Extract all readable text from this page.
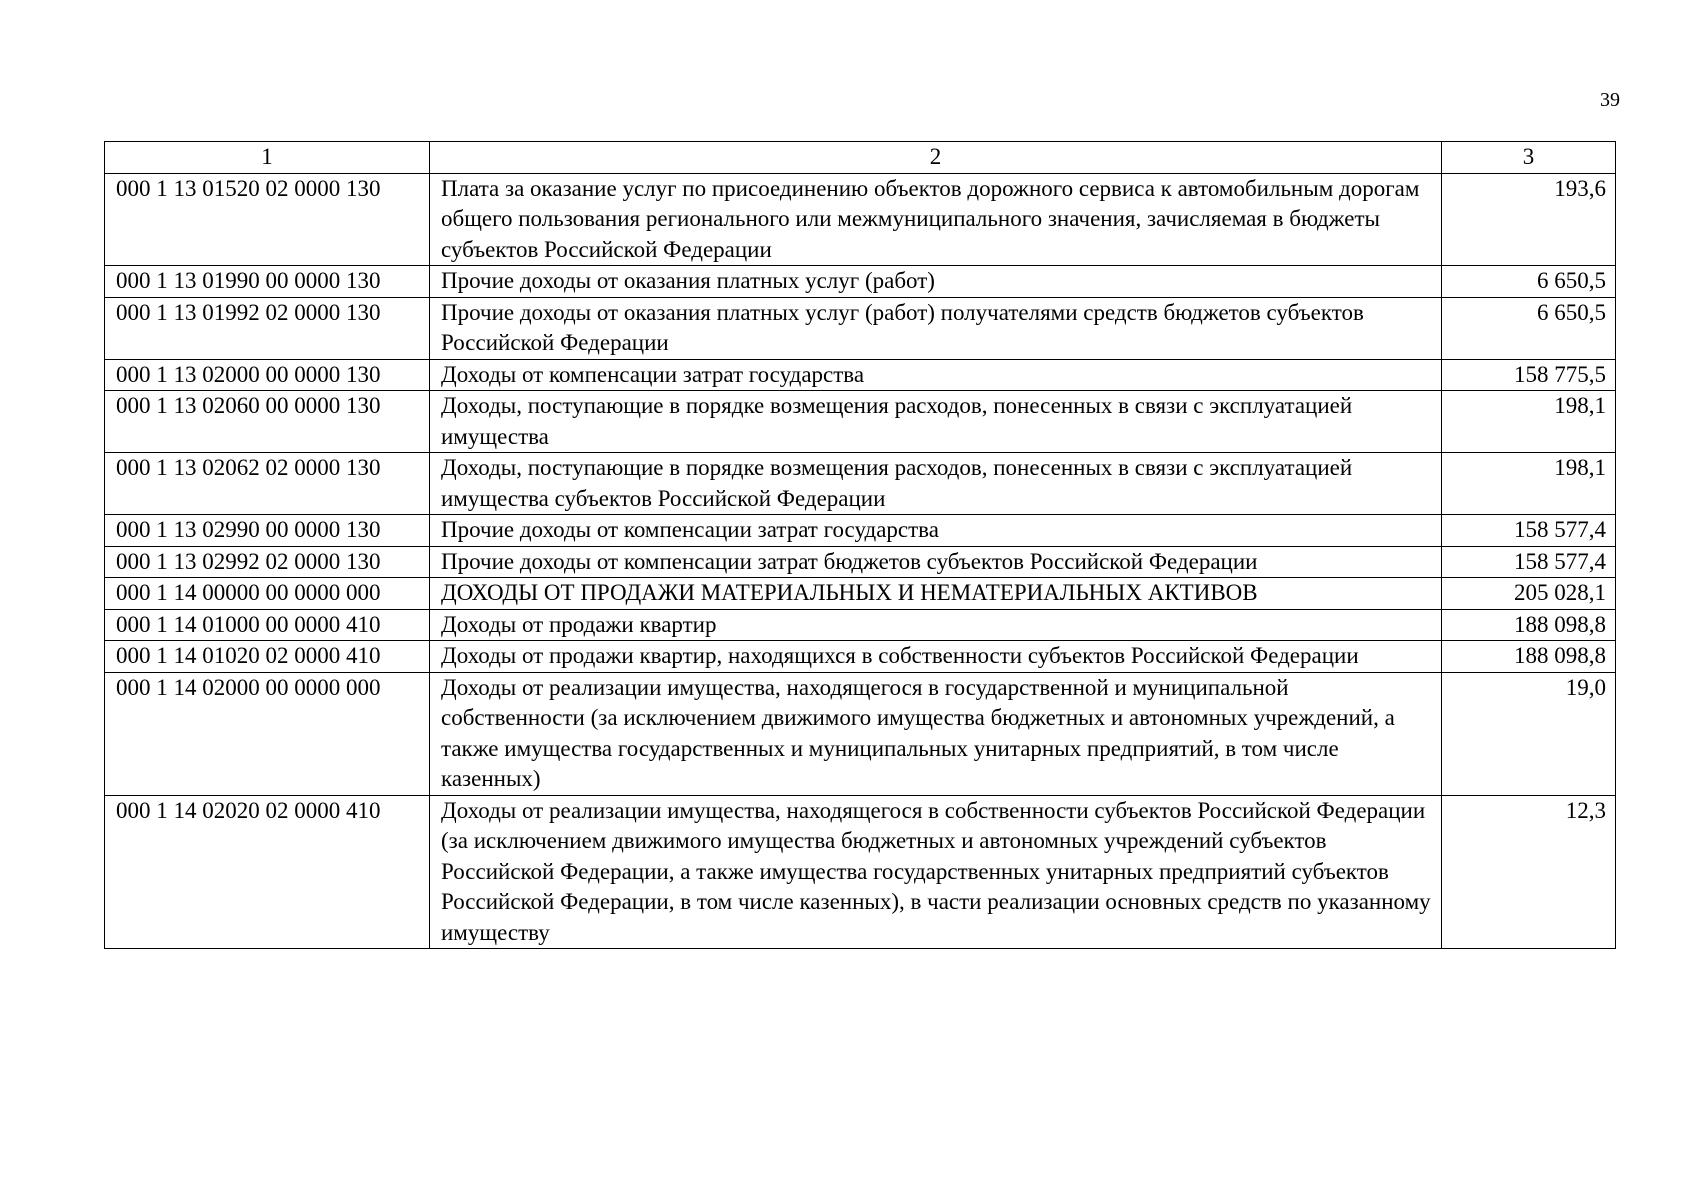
39
1	2	3
000 1 13 01520 02 0000 130	Плата за оказание услуг по присоединению объектов дорожного сервиса к автомобильным дорогам общего пользования регионального или межмуниципального значения, зачисляемая в бюджеты субъектов Российской Федерации	193,6
000 1 13 01990 00 0000 130	Прочие доходы от оказания платных услуг (работ)	6 650,5
000 1 13 01992 02 0000 130	Прочие доходы от оказания платных услуг (работ) получателями средств бюджетов субъектов Российской Федерации	6 650,5
000 1 13 02000 00 0000 130	Доходы от компенсации затрат государства	158 775,5
000 1 13 02060 00 0000 130	Доходы, поступающие в порядке возмещения расходов, понесенных в связи с эксплуатацией имущества	198,1
000 1 13 02062 02 0000 130	Доходы, поступающие в порядке возмещения расходов, понесенных в связи с эксплуатацией имущества субъектов Российской Федерации	198,1
000 1 13 02990 00 0000 130	Прочие доходы от компенсации затрат государства	158 577,4
000 1 13 02992 02 0000 130	Прочие доходы от компенсации затрат бюджетов субъектов Российской Федерации	158 577,4
000 1 14 00000 00 0000 000	ДОХОДЫ ОТ ПРОДАЖИ МАТЕРИАЛЬНЫХ И НЕМАТЕРИАЛЬНЫХ АКТИВОВ	205 028,1
000 1 14 01000 00 0000 410	Доходы от продажи квартир	188 098,8
000 1 14 01020 02 0000 410	Доходы от продажи квартир, находящихся в собственности субъектов Российской Федерации	188 098,8
000 1 14 02000 00 0000 000	Доходы от реализации имущества, находящегося в государственной и муниципальной собственности (за исключением движимого имущества бюджетных и автономных учреждений, а также имущества государственных и муниципальных унитарных предприятий, в том числе казенных)	19,0
000 1 14 02020 02 0000 410	Доходы от реализации имущества, находящегося в собственности субъектов Российской Федерации (за исключением движимого имущества бюджетных и автономных учреждений субъектов Российской Федерации, а также имущества государственных унитарных предприятий субъектов Российской Федерации, в том числе казенных), в части реализации основных средств по указанному имуществу	12,3
